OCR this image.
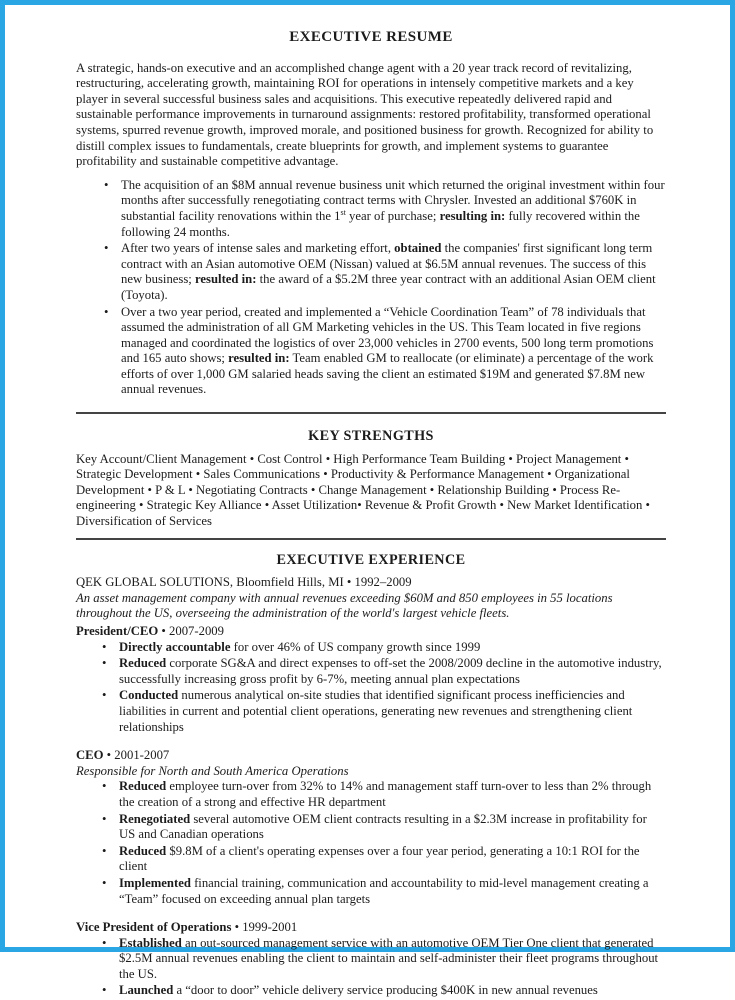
EXECUTIVE RESUME

A strategic, hands-on executive and an accomplished change agent with a 20 year track record of revitalizing, restructuring, accelerating growth, maintaining ROI for operations in intensely competitive markets and a key player in several successful business sales and acquisitions. This executive repeatedly delivered rapid and sustainable performance improvements in turnaround assignments: restored profitability, transformed operational systems, spurred revenue growth, improved morale, and positioned business for growth. Recognized for ability to distill complex issues to fundamentals, create blueprints for growth, and implement systems to guarantee profitability and sustainable competitive advantage.

• The acquisition of an $8M annual revenue business unit which returned the original investment within four months after successfully renegotiating contract terms with Chrysler. Invested an additional $760K in substantial facility renovations within the 1st year of purchase; resulting in: fully recovered within the following 24 months.
• After two years of intense sales and marketing effort, obtained the companies' first significant long term contract with an Asian automotive OEM (Nissan) valued at $6.5M annual revenues. The success of this new business; resulted in: the award of a $5.2M three year contract with an additional Asian OEM client (Toyota).
• Over a two year period, created and implemented a “Vehicle Coordination Team” of 78 individuals that assumed the administration of all GM Marketing vehicles in the US. This Team located in five regions managed and coordinated the logistics of over 23,000 vehicles in 2700 events, 500 long term promotions and 165 auto shows; resulted in: Team enabled GM to reallocate (or eliminate) a percentage of the work efforts of over 1,000 GM salaried heads saving the client an estimated $19M and generated $7.8M new annual revenues.
KEY STRENGTHS

Key Account/Client Management • Cost Control • High Performance Team Building • Project Management • Strategic Development • Sales Communications • Productivity & Performance Management • Organizational Development • P & L • Negotiating Contracts • Change Management • Relationship Building • Process Re-engineering • Strategic Key Alliance • Asset Utilization• Revenue & Profit Growth • New Market Identification • Diversification of Services

EXECUTIVE EXPERIENCE
QEK GLOBAL SOLUTIONS, Bloomfield Hills, MI • 1992–2009
An asset management company with annual revenues exceeding $60M and 850 employees in 55 locations throughout the US, overseeing the administration of the world's largest vehicle fleets.
President/CEO • 2007-2009
• Directly accountable for over 46% of US company growth since 1999
• Reduced corporate SG&A and direct expenses to off-set the 2008/2009 decline in the automotive industry, successfully increasing gross profit by 6-7%, meeting annual plan expectations
• Conducted numerous analytical on-site studies that identified significant process inefficiencies and liabilities in current and potential client operations, generating new revenues and strengthening client relationships
CEO • 2001-2007
Responsible for North and South America Operations
• Reduced employee turn-over from 32% to 14% and management staff turn-over to less than 2% through the creation of a strong and effective HR department
• Renegotiated several automotive OEM client contracts resulting in a $2.3M increase in profitability for US and Canadian operations
• Reduced $9.8M of a client's operating expenses over a four year period, generating a 10:1 ROI for the client
• Implemented financial training, communication and accountability to mid-level management creating a “Team” focused on exceeding annual plan targets
Vice President of Operations • 1999-2001
• Established an out-sourced management service with an automotive OEM Tier One client that generated $2.5M annual revenues enabling the client to maintain and self-administer their fleet programs throughout the US.
• Launched a “door to door” vehicle delivery service producing $400K in new annual revenues
